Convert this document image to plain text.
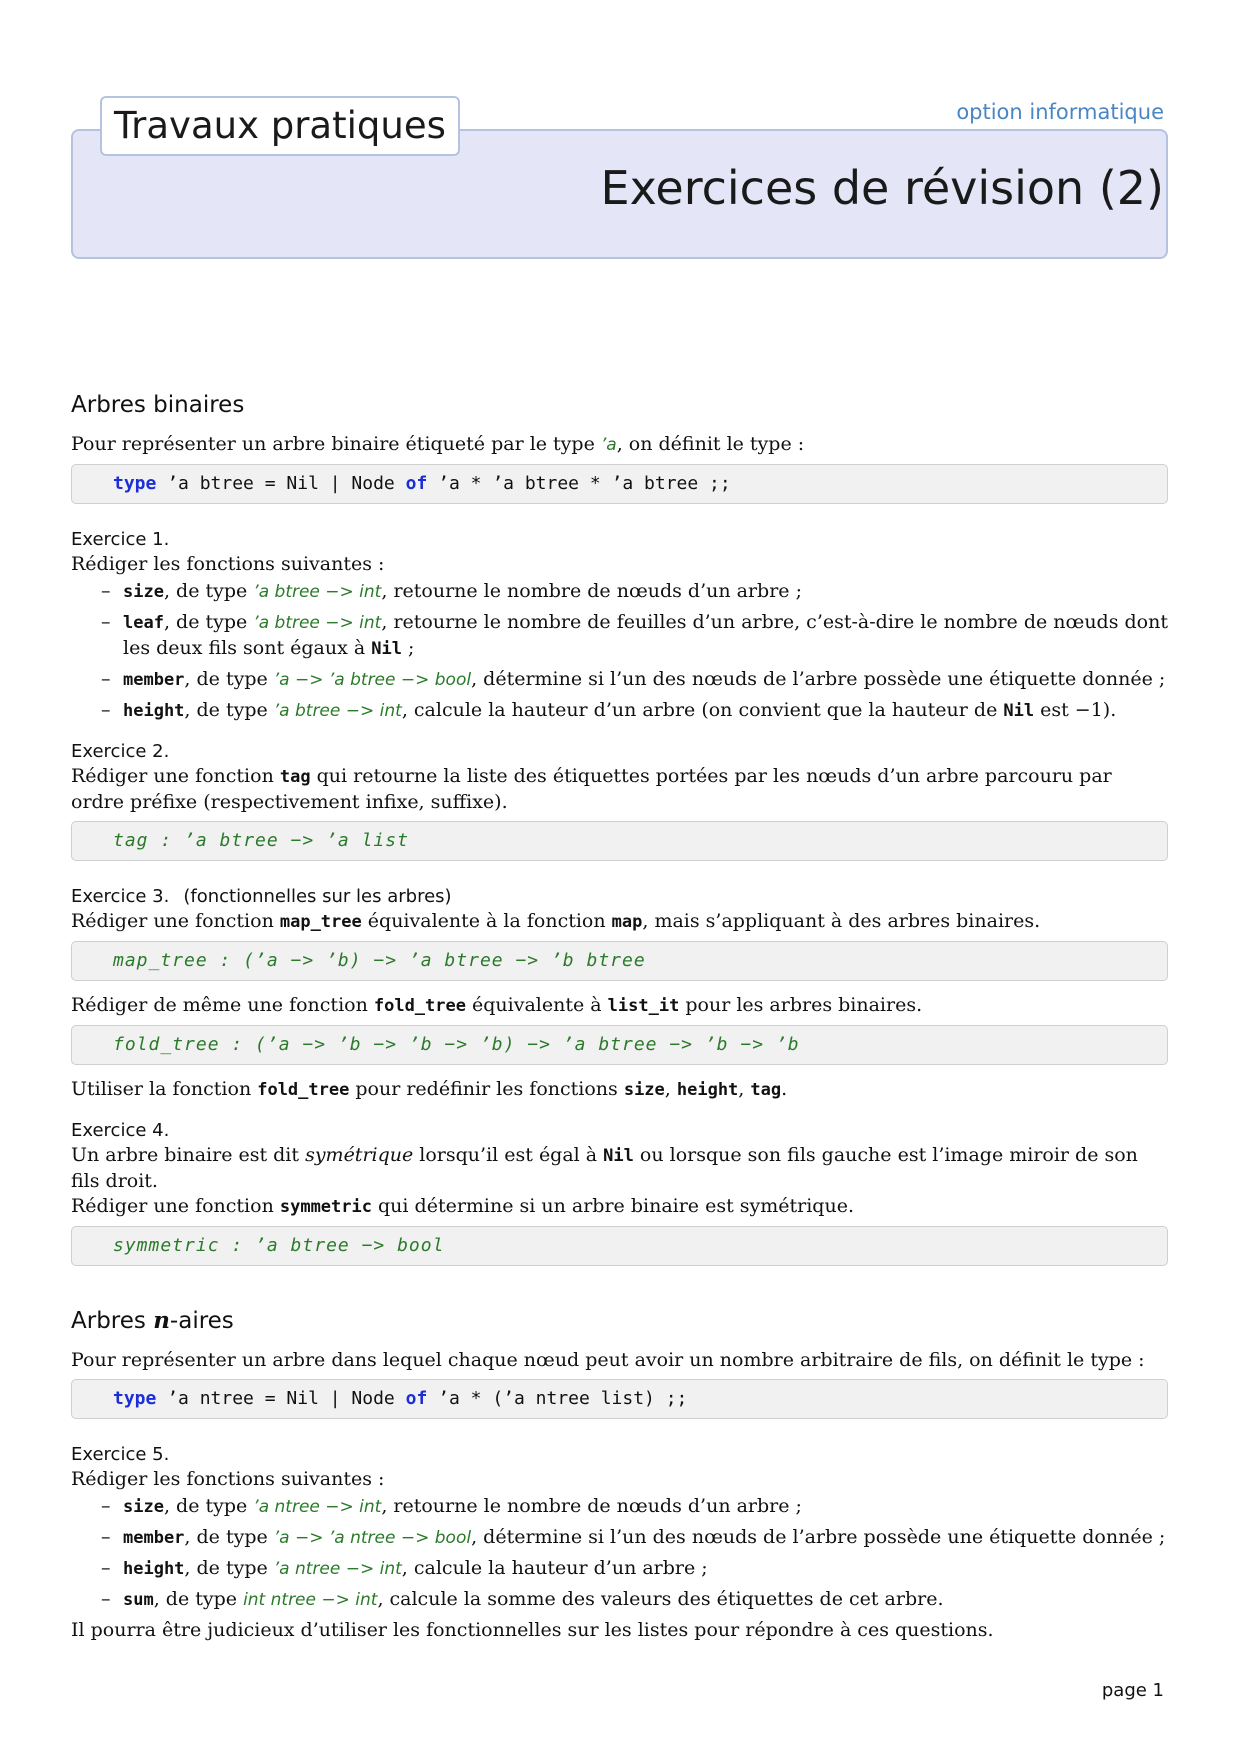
Travaux pratiques	option informatique
Exercices de révision (2)
Arbres binaires

Pour représenter un arbre binaire étiqueté par le type ’a, on définit le type :

type ’a btree = Nil | Node of ’a * ’a btree * ’a btree ;;
Exercice 1.

Rédiger les fonctions suivantes :

– size, de type ’a btree −> int, retourne le nombre de nœuds d’un arbre ;
– leaf, de type ’a btree −> int, retourne le nombre de feuilles d’un arbre, c’est-à-dire le nombre de nœuds dont les deux fils sont égaux à Nil ;
– member, de type ’a −> ’a btree −> bool, détermine si l’un des nœuds de l’arbre possède une étiquette donnée ;
– height, de type ’a btree −> int, calcule la hauteur d’un arbre (on convient que la hauteur de Nil est −1).
Exercice 2.

Rédiger une fonction tag qui retourne la liste des étiquettes portées par les nœuds d’un arbre parcouru par ordre préfixe (respectivement infixe, suffixe).

tag : ’a btree −> ’a list
Exercice 3. (fonctionnelles sur les arbres)

Rédiger une fonction map_tree équivalente à la fonction map, mais s’appliquant à des arbres binaires.

map_tree : (’a −> ’b) −> ’a btree −> ’b btree

Rédiger de même une fonction fold_tree équivalente à list_it pour les arbres binaires.

fold_tree : (’a −> ’b −> ’b −> ’b) −> ’a btree −> ’b −> ’b

Utiliser la fonction fold_tree pour redéfinir les fonctions size, height, tag.

Exercice 4.

Un arbre binaire est dit symétrique lorsqu’il est égal à Nil ou lorsque son fils gauche est l’image miroir de son fils droit.

Rédiger une fonction symmetric qui détermine si un arbre binaire est symétrique.

symmetric : ’a btree −> bool
Arbres n-aires

Pour représenter un arbre dans lequel chaque nœud peut avoir un nombre arbitraire de fils, on définit le type :

type ’a ntree = Nil | Node of ’a * (’a ntree list) ;;
Exercice 5.

Rédiger les fonctions suivantes :

– size, de type ’a ntree −> int, retourne le nombre de nœuds d’un arbre ;
– member, de type ’a −> ’a ntree −> bool, détermine si l’un des nœuds de l’arbre possède une étiquette donnée ;
– height, de type ’a ntree −> int, calcule la hauteur d’un arbre ;
– sum, de type int ntree −> int, calcule la somme des valeurs des étiquettes de cet arbre.

Il pourra être judicieux d’utiliser les fonctionnelles sur les listes pour répondre à ces questions.

page 1
